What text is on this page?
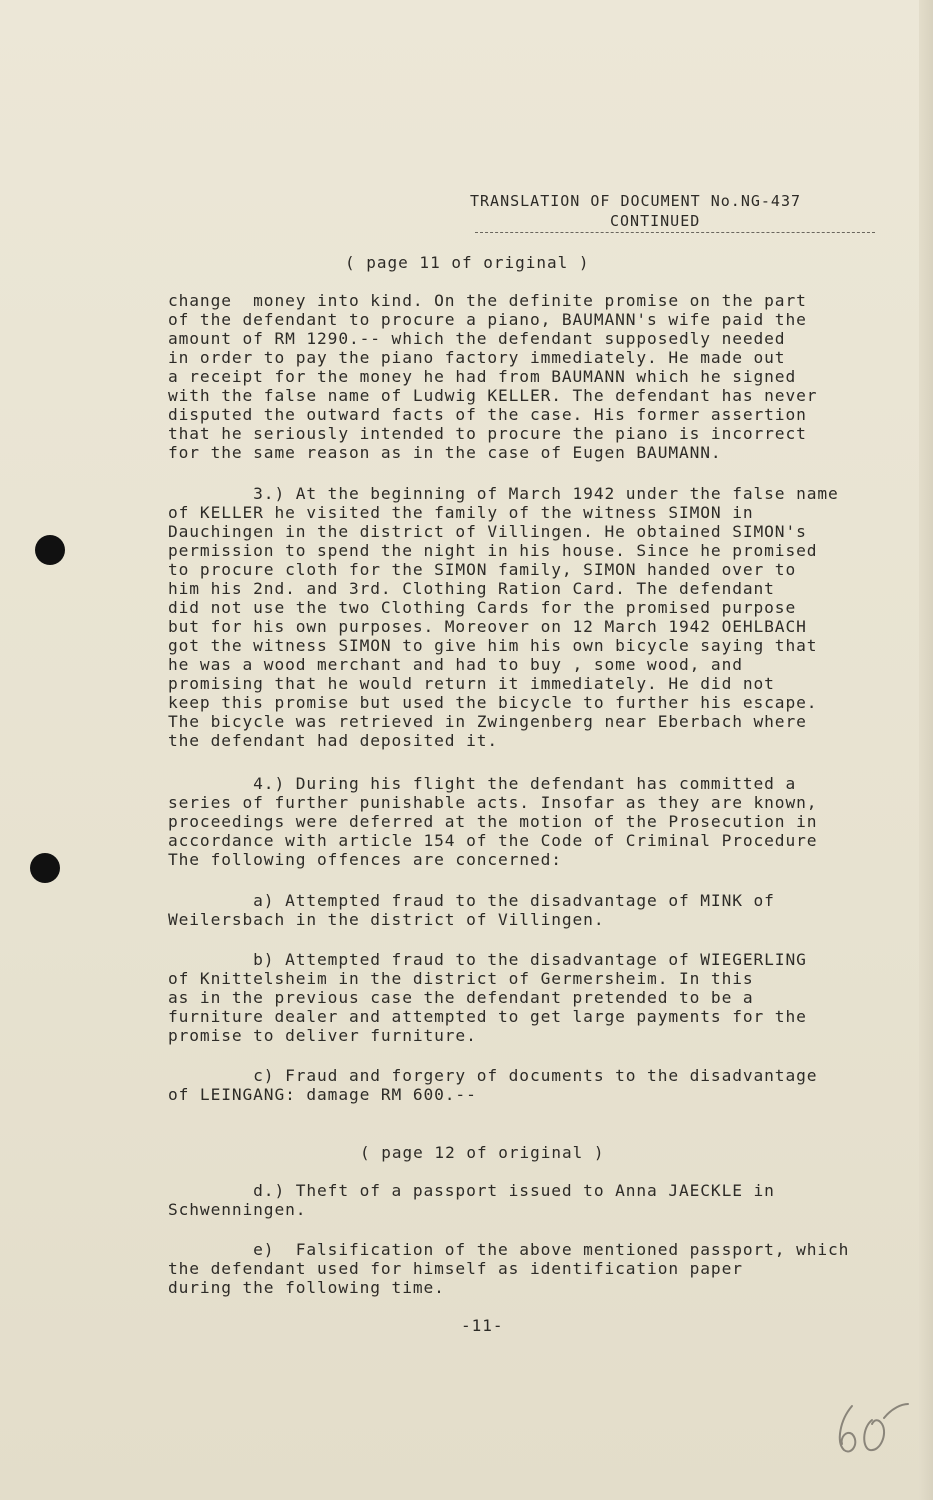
TRANSLATION OF DOCUMENT No.NG-437
CONTINUED
( page 11 of original )
change  money into kind. On the definite promise on the part
of the defendant to procure a piano, BAUMANN's wife paid the
amount of RM 1290.-- which the defendant supposedly needed
in order to pay the piano factory immediately. He made out
a receipt for the money he had from BAUMANN which he signed
with the false name of Ludwig KELLER. The defendant has never
disputed the outward facts of the case. His former assertion
that he seriously intended to procure the piano is incorrect
for the same reason as in the case of Eugen BAUMANN.
3.) At the beginning of March 1942 under the false name
of KELLER he visited the family of the witness SIMON in
Dauchingen in the district of Villingen. He obtained SIMON's
permission to spend the night in his house. Since he promised
to procure cloth for the SIMON family, SIMON handed over to
him his 2nd. and 3rd. Clothing Ration Card. The defendant
did not use the two Clothing Cards for the promised purpose
but for his own purposes. Moreover on 12 March 1942 OEHLBACH
got the witness SIMON to give him his own bicycle saying that
he was a wood merchant and had to buy , some wood, and
promising that he would return it immediately. He did not
keep this promise but used the bicycle to further his escape.
The bicycle was retrieved in Zwingenberg near Eberbach where
the defendant had deposited it.
4.) During his flight the defendant has committed a
series of further punishable acts. Insofar as they are known,
proceedings were deferred at the motion of the Prosecution in
accordance with article 154 of the Code of Criminal Procedure
The following offences are concerned:
a) Attempted fraud to the disadvantage of MINK of
Weilersbach in the district of Villingen.
b) Attempted fraud to the disadvantage of WIEGERLING
of Knittelsheim in the district of Germersheim. In this
as in the previous case the defendant pretended to be a
furniture dealer and attempted to get large payments for the
promise to deliver furniture.
c) Fraud and forgery of documents to the disadvantage
of LEINGANG: damage RM 600.--
( page 12 of original )
d.) Theft of a passport issued to Anna JAECKLE in
Schwenningen.
e)  Falsification of the above mentioned passport, which
the defendant used for himself as identification paper
during the following time.
-11-
